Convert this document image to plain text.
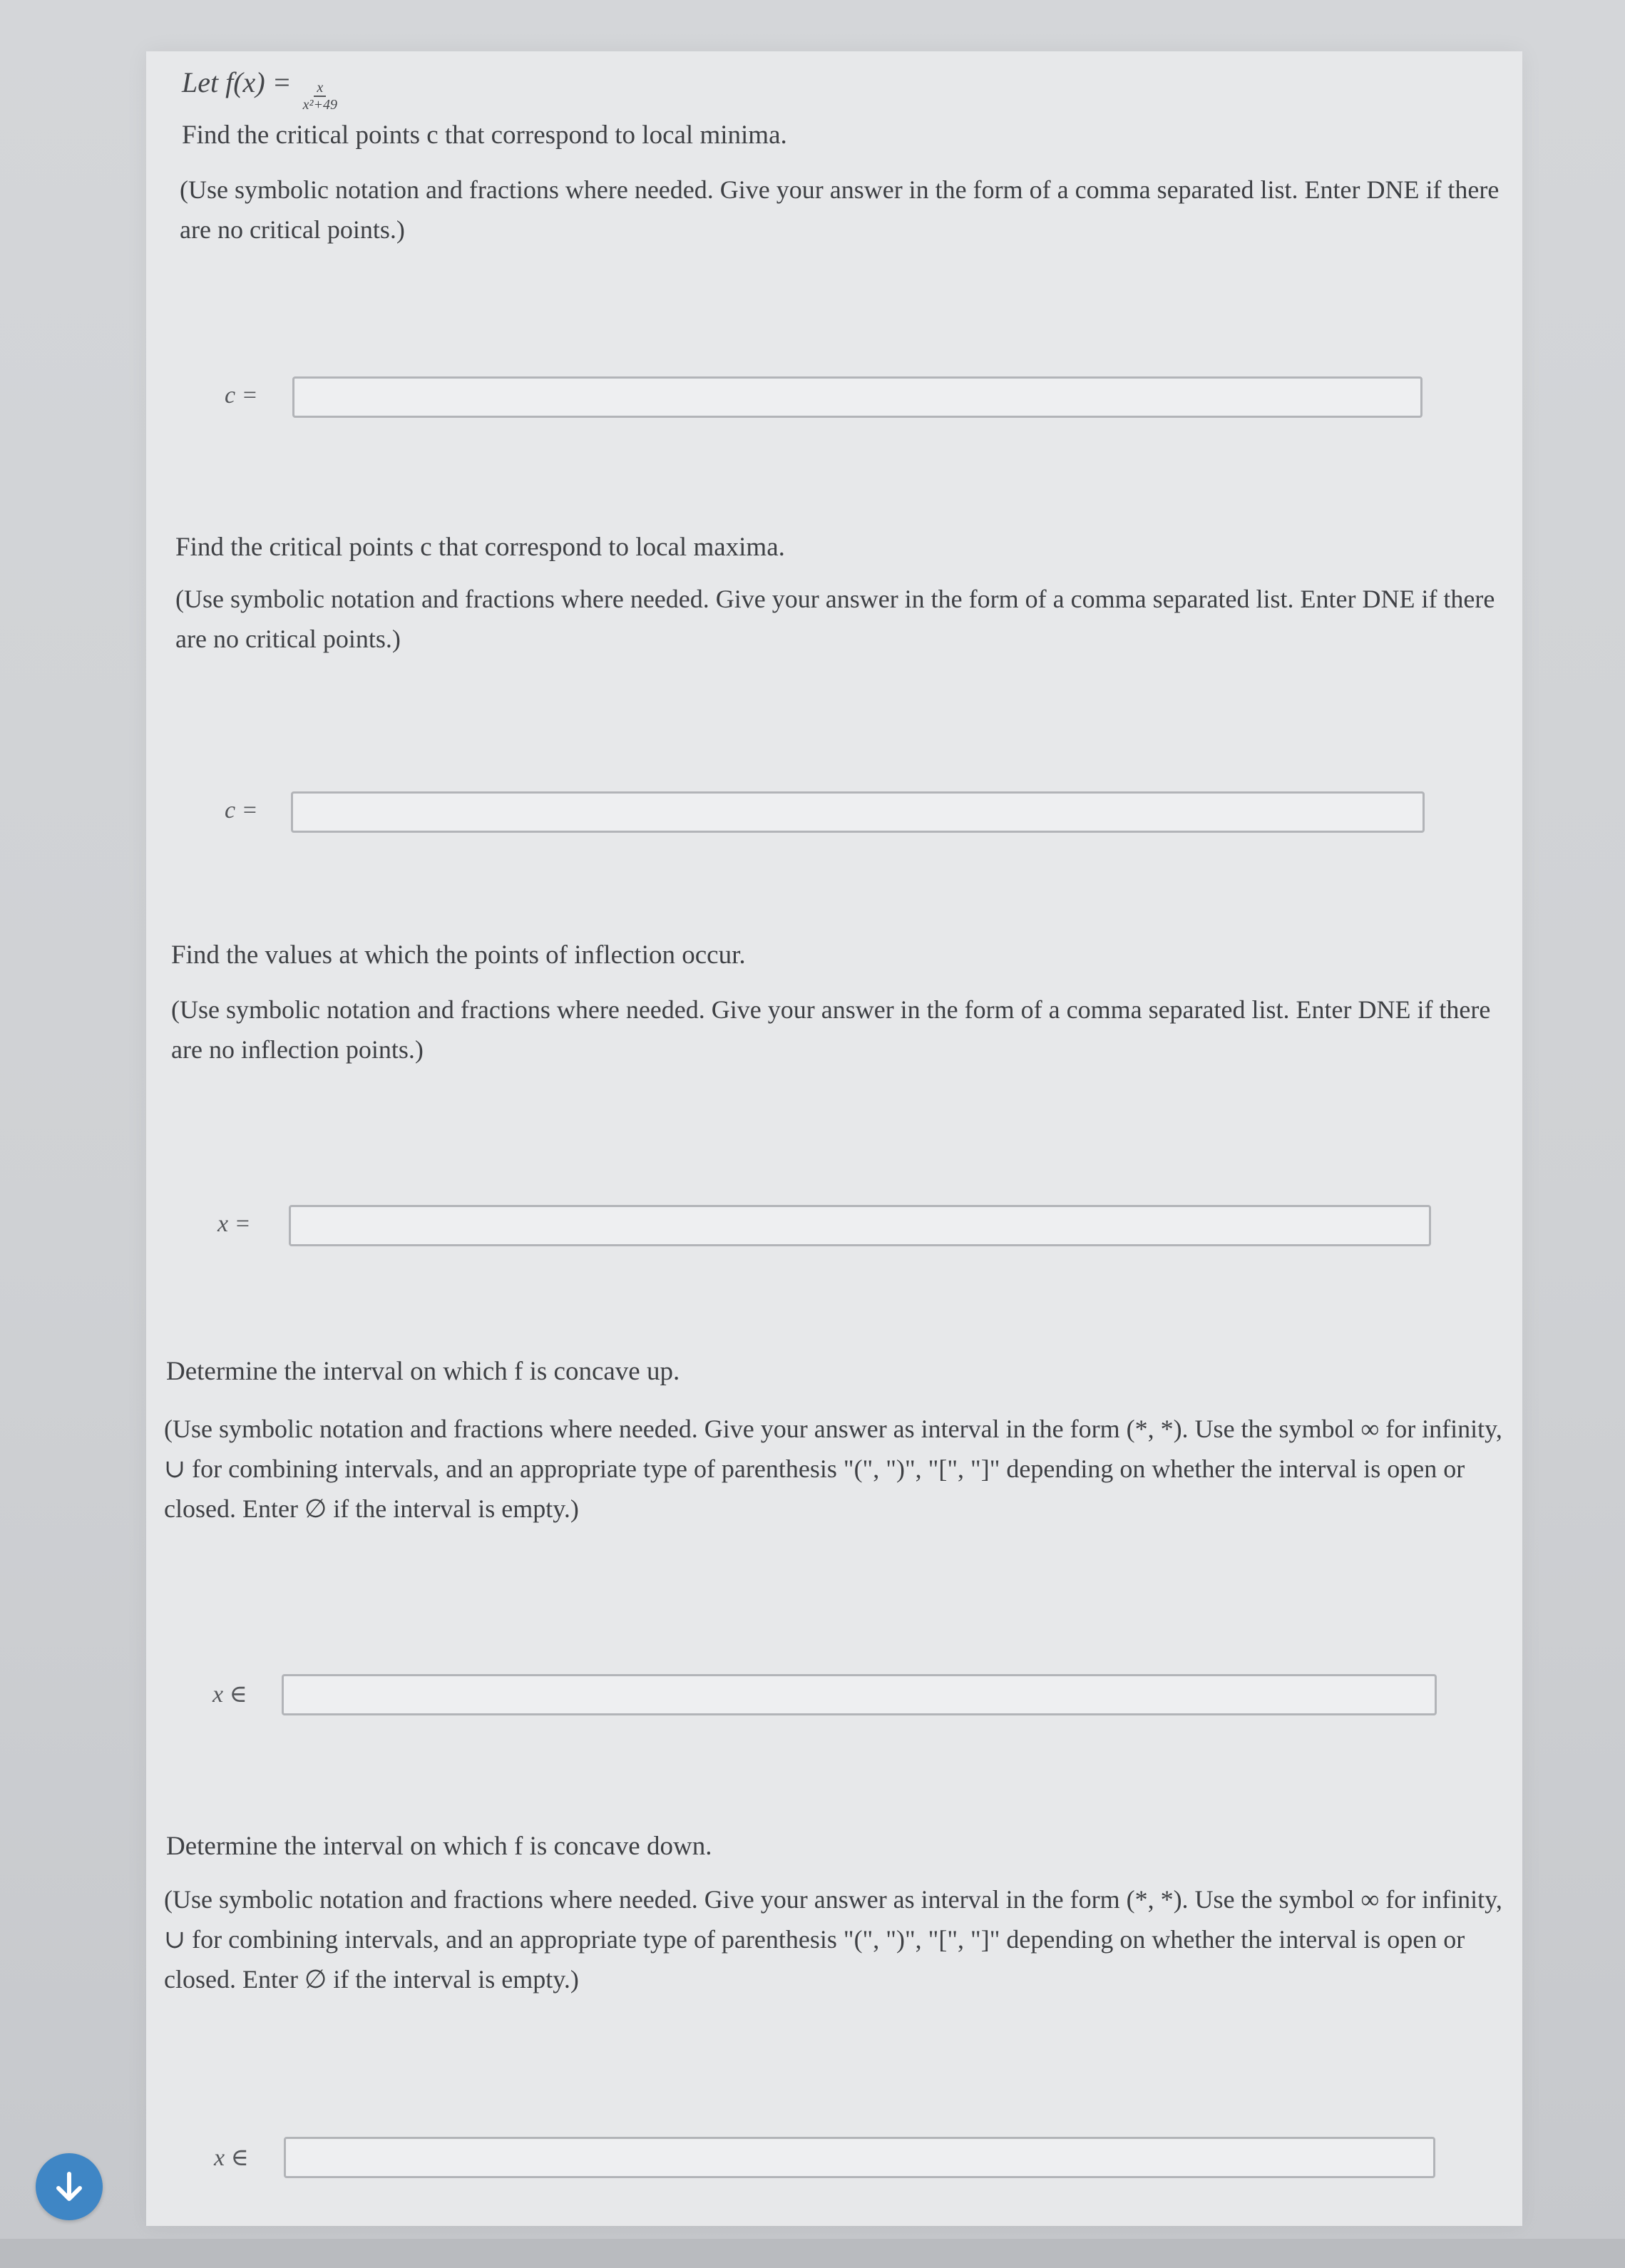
Let $f(x) = \frac{x}{\text{x²+49}}$
Find the critical points c that correspond to local minima.
(Use symbolic notation and fractions where needed. Give your answer in the form of a comma separated list. Enter DNE if there are no critical points.)
c =
Find the critical points c that correspond to local maxima.
(Use symbolic notation and fractions where needed. Give your answer in the form of a comma separated list. Enter DNE if there are no critical points.)
c =
Find the values at which the points of inflection occur.
(Use symbolic notation and fractions where needed. Give your answer in the form of a comma separated list. Enter DNE if there are no inflection points.)
x =
Determine the interval on which f is concave up.
(Use symbolic notation and fractions where needed. Give your answer as interval in the form (*, *). Use the symbol ∞ for infinity, ∪ for combining intervals, and an appropriate type of parenthesis "(", ")", "[", "]" depending on whether the interval is open or closed. Enter ∅ if the interval is empty.)
x ∈
Determine the interval on which f is concave down.
(Use symbolic notation and fractions where needed. Give your answer as interval in the form (*, *). Use the symbol ∞ for infinity, ∪ for combining intervals, and an appropriate type of parenthesis "(", ")", "[", "]" depending on whether the interval is open or closed. Enter ∅ if the interval is empty.)
x ∈
